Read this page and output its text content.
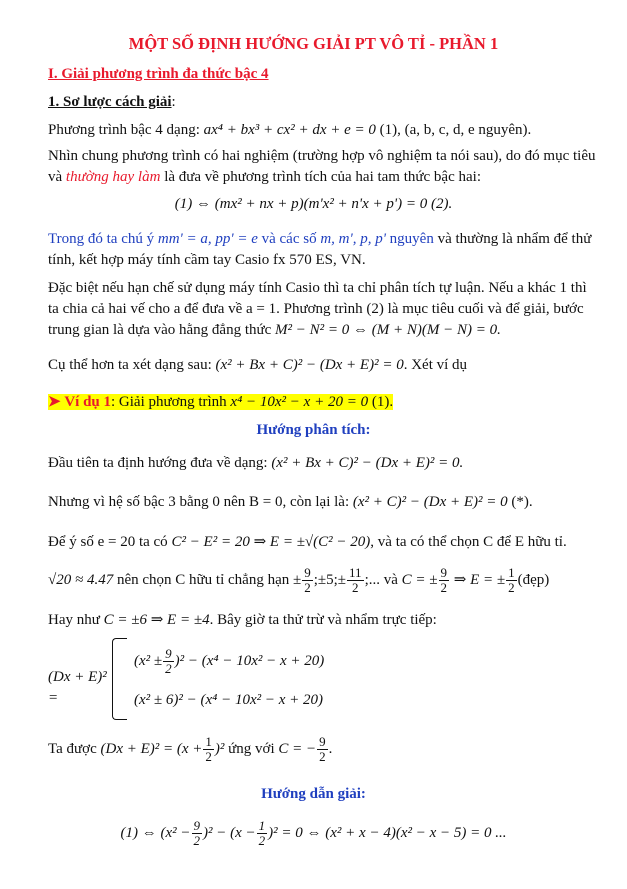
MỘT SỐ ĐỊNH HƯỚNG GIẢI PT VÔ TỈ - PHẦN 1
I. Giải phương trình đa thức bậc 4
1. Sơ lược cách giải:
Phương trình bậc 4 dạng: ax⁴ + bx³ + cx² + dx + e = 0 (1), (a, b, c, d, e nguyên).
Nhìn chung phương trình có hai nghiệm (trường hợp vô nghiệm ta nói sau), do đó mục tiêu và thường hay làm là đưa về phương trình tích của hai tam thức bậc hai:
(1) ⇔ (mx² + nx + p)(m'x² + n'x + p') = 0 (2).
Trong đó ta chú ý mm' = a, pp' = e và các số m, m', p, p' nguyên và thường là nhẩm để thử tính, kết hợp máy tính cầm tay Casio fx 570 ES, VN.
Đặc biệt nếu hạn chế sử dụng máy tính Casio thì ta chỉ phân tích tự luận. Nếu a khác 1 thì ta chia cả hai vế cho a để đưa về a = 1. Phương trình (2) là mục tiêu cuối và để giải, bước trung gian là dựa vào hằng đẳng thức M² − N² = 0 ⇔ (M + N)(M − N) = 0.
Cụ thể hơn ta xét dạng sau: (x² + Bx + C)² − (Dx + E)² = 0. Xét ví dụ
➤ Ví dụ 1: Giải phương trình x⁴ − 10x² − x + 20 = 0 (1).
Hướng phân tích:
Đầu tiên ta định hướng đưa về dạng: (x² + Bx + C)² − (Dx + E)² = 0.
Nhưng vì hệ số bậc 3 bằng 0 nên B = 0, còn lại là: (x² + C)² − (Dx + E)² = 0 (*).
Để ý số e = 20 ta có C² − E² = 20 ⇒ E = ±√(C² − 20), và ta có thể chọn C để E hữu tỉ.
√20 ≈ 4.47 nên chọn C hữu tỉ chẳng hạn ± $\frac{9}{2}$ ;±5;± $\frac{11}{2}$ ;... và C = ± $\frac{9}{2}$ ⇒ E = ± $\frac{1}{2}$ (đẹp)
Hay như C = ±6 ⇒ E = ±4. Bây giờ ta thử trừ và nhẩm trực tiếp:
(Dx + E)² =
$(x^2 \pm \frac{9}{2} )^2 - (x^4 - 10x^2 - x + 20)$
(x² ± 6)² − (x⁴ − 10x² − x + 20)
Ta được $(Dx + E)^2 = (x + \frac{1}{2} )^2$ ứng với C = − $\frac{9}{2}$ .
Hướng dẫn giải:
(1) ⇔ $(x^2 - \frac{9}{2} )^2 - (x - \frac{1}{2} )^2 = 0$ ⇔ (x² + x − 4)(x² − x − 5) = 0 ...
